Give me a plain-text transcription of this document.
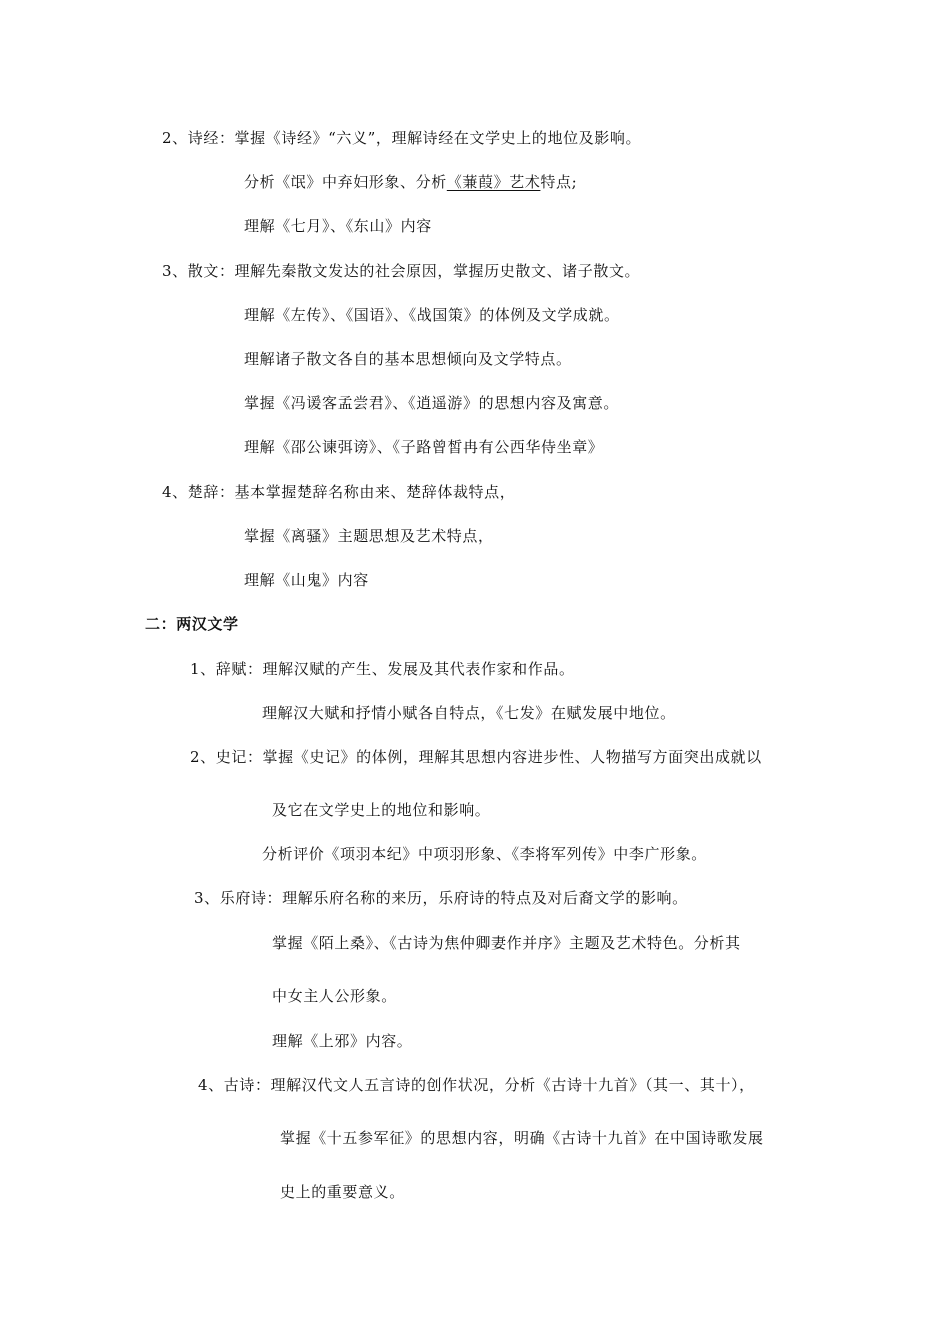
2、诗经：掌握《诗经》“六义”，理解诗经在文学史上的地位及影响。
分析《氓》中弃妇形象、分析《蒹葭》艺术特点;
理解《七月》、《东山》内容
3、散文：理解先秦散文发达的社会原因，掌握历史散文、诸子散文。
理解《左传》、《国语》、《战国策》的体例及文学成就。
理解诸子散文各自的基本思想倾向及文学特点。
掌握《冯谖客孟尝君》、《逍遥游》的思想内容及寓意。
理解《邵公谏弭谤》、《子路曾皙冉有公西华侍坐章》
4、楚辞：基本掌握楚辞名称由来、楚辞体裁特点，
掌握《离骚》主题思想及艺术特点，
理解《山鬼》内容
二：两汉文学
1、辞赋：理解汉赋的产生、发展及其代表作家和作品。
理解汉大赋和抒情小赋各自特点，《七发》在赋发展中地位。
2、史记：掌握《史记》的体例，理解其思想内容进步性、人物描写方面突出成就以
及它在文学史上的地位和影响。
分析评价《项羽本纪》中项羽形象、《李将军列传》中李广形象。
3、乐府诗：理解乐府名称的来历，乐府诗的特点及对后裔文学的影响。
掌握《陌上桑》、《古诗为焦仲卿妻作并序》主题及艺术特色。分析其
中女主人公形象。
理解《上邪》内容。
4、古诗：理解汉代文人五言诗的创作状况，分析《古诗十九首》（其一、其十），
掌握《十五参军征》的思想内容，明确《古诗十九首》在中国诗歌发展
史上的重要意义。
